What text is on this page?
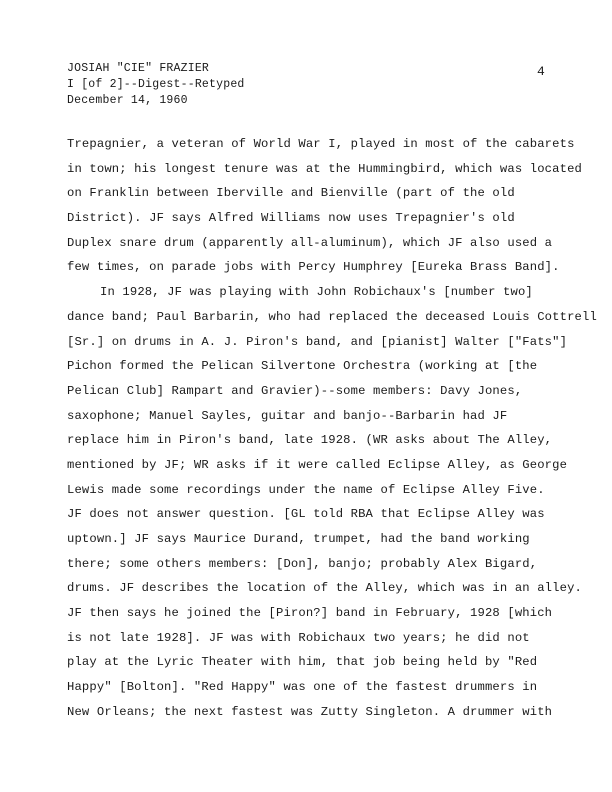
JOSIAH "CIE" FRAZIER
I [of 2]--Digest--Retyped
December 14, 1960
4
Trepagnier, a veteran of World War I, played in most of the cabarets
in town; his longest tenure was at the Hummingbird, which was located
on Franklin between Iberville and Bienville (part of the old
District). JF says Alfred Williams now uses Trepagnier's old
Duplex snare drum (apparently all-aluminum), which JF also used a
few times, on parade jobs with Percy Humphrey [Eureka Brass Band].
In 1928, JF was playing with John Robichaux's [number two]
dance band; Paul Barbarin, who had replaced the deceased Louis Cottrell
[Sr.] on drums in A. J. Piron's band, and [pianist] Walter ["Fats"]
Pichon formed the Pelican Silvertone Orchestra (working at [the
Pelican Club] Rampart and Gravier)--some members: Davy Jones,
saxophone; Manuel Sayles, guitar and banjo--Barbarin had JF
replace him in Piron's band, late 1928. (WR asks about The Alley,
mentioned by JF; WR asks if it were called Eclipse Alley, as George
Lewis made some recordings under the name of Eclipse Alley Five.
JF does not answer question. [GL told RBA that Eclipse Alley was
uptown.] JF says Maurice Durand, trumpet, had the band working
there; some others members: [Don], banjo; probably Alex Bigard,
drums. JF describes the location of the Alley, which was in an alley.
JF then says he joined the [Piron?] band in February, 1928 [which
is not late 1928]. JF was with Robichaux two years; he did not
play at the Lyric Theater with him, that job being held by "Red
Happy" [Bolton]. "Red Happy" was one of the fastest drummers in
New Orleans; the next fastest was Zutty Singleton. A drummer with
